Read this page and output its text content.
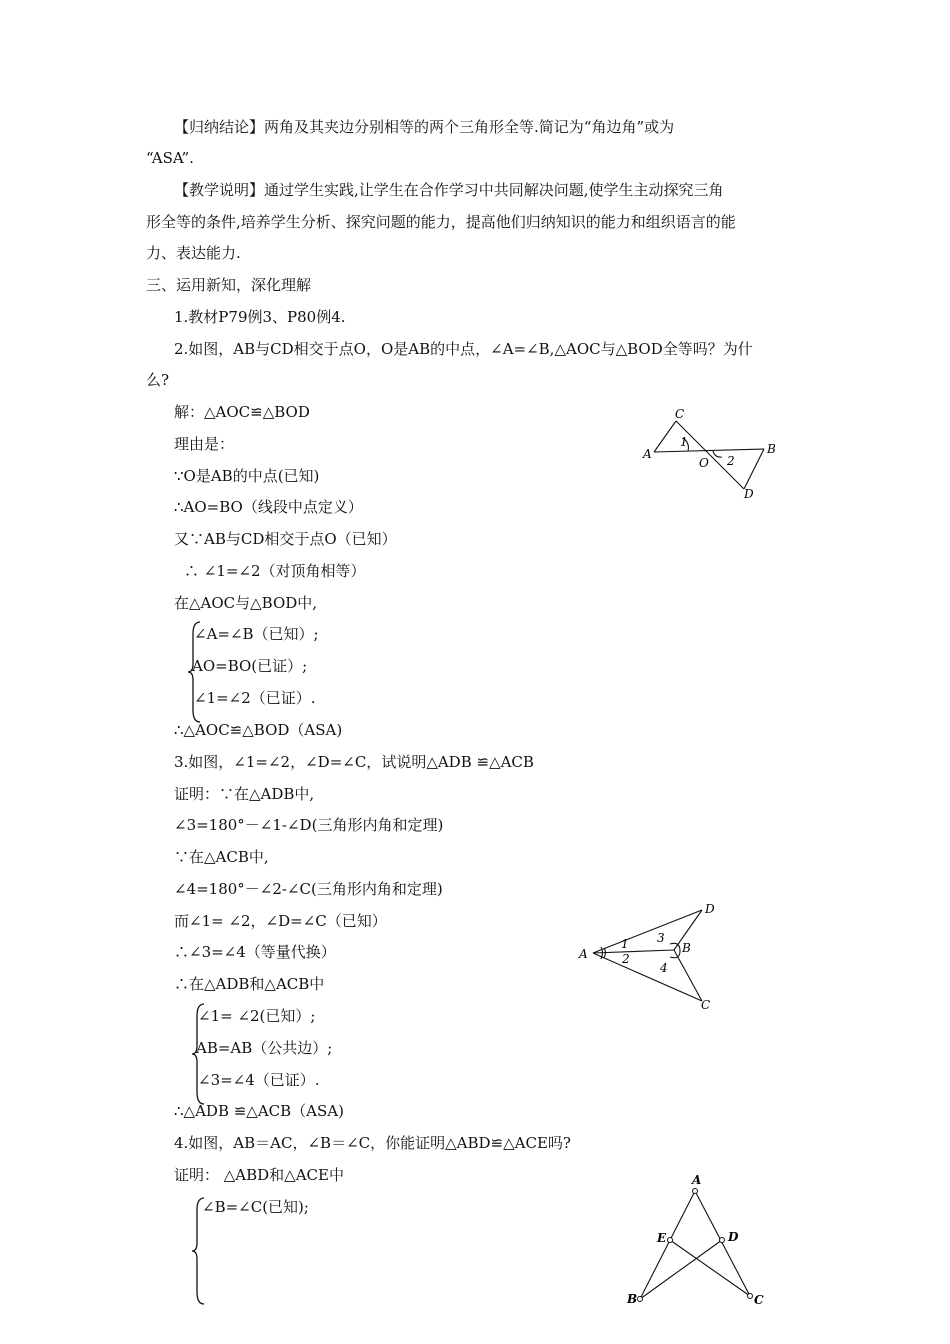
【归纳结论】两角及其夹边分别相等的两个三角形全等.简记为“角边角”或为
“ASA”.
【教学说明】通过学生实践,让学生在合作学习中共同解决问题,使学生主动探究三角
形全等的条件,培养学生分析、探究问题的能力，提高他们归纳知识的能力和组织语言的能
力、表达能力.
三、运用新知，深化理解
1.教材P79例3、P80例4.
2.如图，AB与CD相交于点O，O是AB的中点，∠A=∠B,△AOC与△BOD全等吗？为什
么?
解：△AOC≌△BOD
理由是：
∵O是AB的中点(已知)
∴AO=BO（线段中点定义）
又∵AB与CD相交于点O（已知）
∴ ∠1=∠2（对顶角相等）
在△AOC与△BOD中,
∠A=∠B（已知）;
AO=BO(已证）;
∠1=∠2（已证）.
∴△AOC≌△BOD（ASA)
C
A
O
B
D
1
2
3.如图，∠1=∠2，∠D=∠C，试说明△ADB ≌△ACB
证明：∵在△ADB中,
∠3=180°－∠1-∠D(三角形内角和定理)
∵在△ACB中,
∠4=180°－∠2-∠C(三角形内角和定理)
而∠1= ∠2，∠D=∠C（已知）
∴∠3=∠4（等量代换）
∴在△ADB和△ACB中
∠1= ∠2(已知）;
AB=AB（公共边）;
∠3=∠4（已证）.
∴△ADB ≌△ACB（ASA)
A
D
B
C
1
2
3
4
4.如图，AB＝AC，∠B＝∠C，你能证明△ABD≌△ACE吗?
证明： △ABD和△ACE中
∠B=∠C(已知);
A
E	D
B	C
